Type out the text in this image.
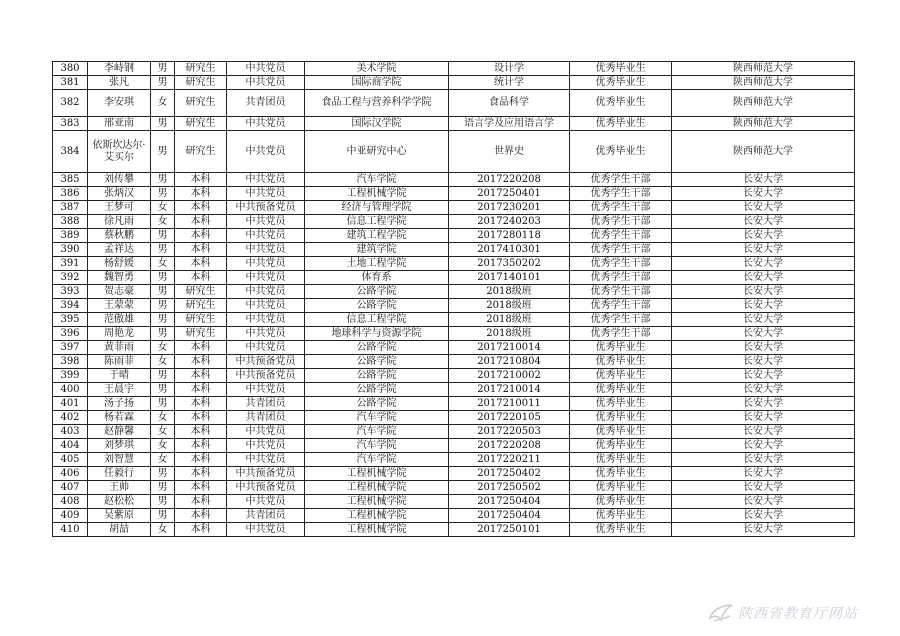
380	李峙钢	男	研究生	中共党员	美术学院	设计学	优秀毕业生	陕西师范大学
381	张凡	男	研究生	中共党员	国际商学院	统计学	优秀毕业生	陕西师范大学
382	李安琪	女	研究生	共青团员	食品工程与营养科学学院	食品科学	优秀毕业生	陕西师范大学
383	邢亚南	男	研究生	中共党员	国际汉学院	语言学及应用语言学	优秀毕业生	陕西师范大学
384	依斯坎达尔·艾买尔	男	研究生	中共党员	中亚研究中心	世界史	优秀毕业生	陕西师范大学
385	刘传攀	男	本科	中共党员	汽车学院	2017220208	优秀学生干部	长安大学
386	张炳汉	男	本科	中共党员	工程机械学院	2017250401	优秀学生干部	长安大学
387	王梦可	女	本科	中共预备党员	经济与管理学院	2017230201	优秀学生干部	长安大学
388	徐凡雨	女	本科	中共党员	信息工程学院	2017240203	优秀学生干部	长安大学
389	蔡秋鹏	男	本科	中共党员	建筑工程学院	2017280118	优秀学生干部	长安大学
390	孟祥达	男	本科	中共党员	建筑学院	2017410301	优秀学生干部	长安大学
391	杨舒媛	女	本科	中共党员	土地工程学院	2017350202	优秀学生干部	长安大学
392	魏智勇	男	本科	中共党员	体育系	2017140101	优秀学生干部	长安大学
393	贺志豪	男	研究生	中共党员	公路学院	2018级班	优秀学生干部	长安大学
394	王蒙蒙	男	研究生	中共党员	公路学院	2018级班	优秀学生干部	长安大学
395	范傲雄	男	研究生	中共党员	信息工程学院	2018级班	优秀学生干部	长安大学
396	周艳龙	男	研究生	中共党员	地球科学与资源学院	2018级班	优秀学生干部	长安大学
397	黄菲雨	女	本科	中共党员	公路学院	2017210014	优秀毕业生	长安大学
398	陈雨菲	女	本科	中共预备党员	公路学院	2017210804	优秀毕业生	长安大学
399	于晴	男	本科	中共预备党员	公路学院	2017210002	优秀毕业生	长安大学
400	王晨宇	男	本科	中共党员	公路学院	2017210014	优秀毕业生	长安大学
401	汤子扬	男	本科	共青团员	公路学院	2017210011	优秀毕业生	长安大学
402	杨若霖	女	本科	共青团员	汽车学院	2017220105	优秀毕业生	长安大学
403	赵静馨	女	本科	中共党员	汽车学院	2017220503	优秀毕业生	长安大学
404	刘梦琪	女	本科	中共党员	汽车学院	2017220208	优秀毕业生	长安大学
405	刘智慧	女	本科	中共党员	汽车学院	2017220211	优秀毕业生	长安大学
406	任毅行	男	本科	中共预备党员	工程机械学院	2017250402	优秀毕业生	长安大学
407	王帅	男	本科	中共预备党员	工程机械学院	2017250502	优秀毕业生	长安大学
408	赵松松	男	本科	中共党员	工程机械学院	2017250404	优秀毕业生	长安大学
409	吴紫原	男	本科	共青团员	工程机械学院	2017250404	优秀毕业生	长安大学
410	胡喆	女	本科	中共党员	工程机械学院	2017250101	优秀毕业生	长安大学
陕西省教育厅网站
